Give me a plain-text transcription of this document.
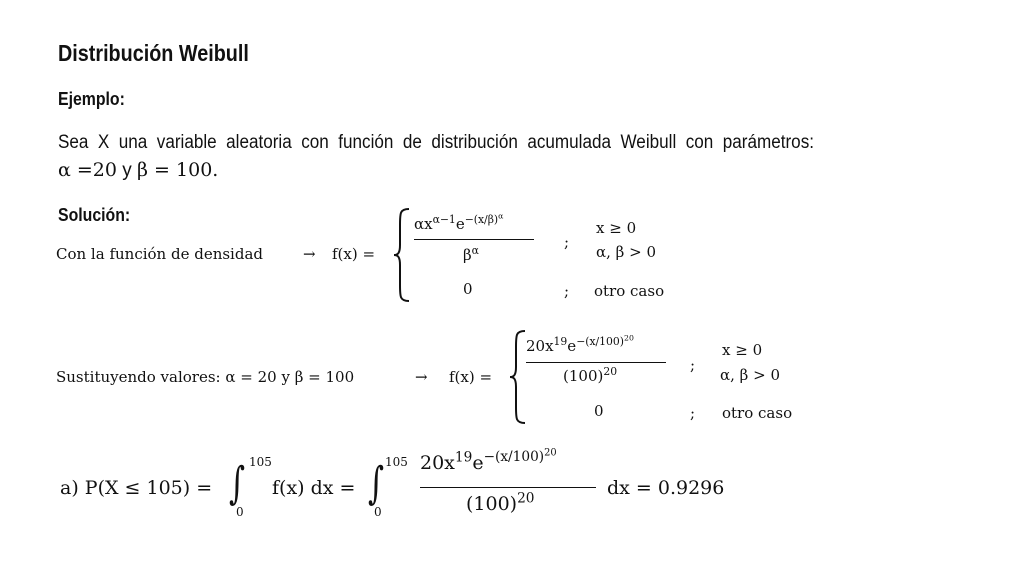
Distribución Weibull
Ejemplo:
Sea X una variable aleatoria con función de distribución acumulada Weibull con parámetros:
α =20 y β = 100.
Solución:
Con la función de densidad	→ f(x) =
$\alpha x^{\alpha-1}e^{-(x/\beta)^\alpha}$
$\beta^\alpha$	;
x ≥ 0
α, β > 0
0	; otro caso
Sustituyendo valores: α = 20 y β = 100	→ f(x) =
$20x^{19}e^{-(x/100)^{20}}$
$(100)^{20}$	;
x ≥ 0
α, β > 0
0	; otro caso
a) P(X ≤ 105) = ∫ 105
0
f(x) dx = ∫ 105
0
$20x^{19}e^{-(x/100)^{20}}$
$(100)^{20}$	dx = 0.9296
